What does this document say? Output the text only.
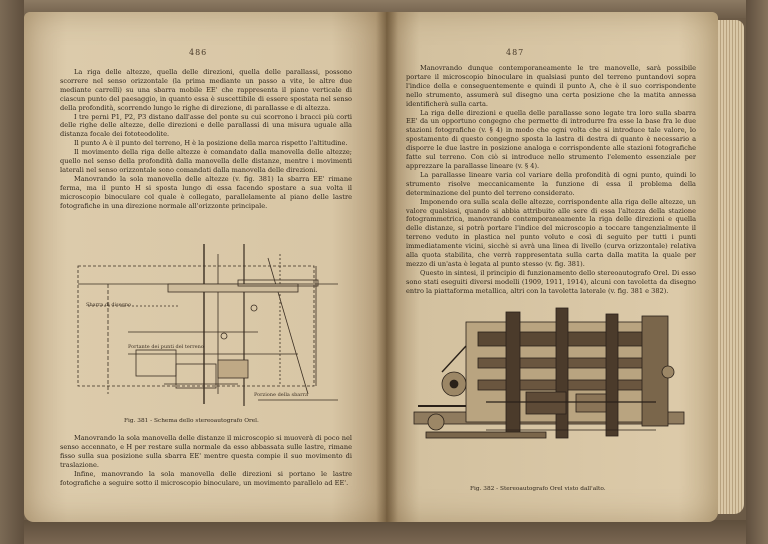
486

La riga delle altezze, quella delle direzioni, quella delle parallassi, possono scorrere nel senso orizzontale (la prima mediante un passo a vite, le altre due mediante carrelli) su una sbarra mobile EE' che rappresenta il piano verticale di ciascun punto del paesaggio, in quanto essa è suscettibile di essere spostata nel senso della profondità, scorrendo lungo le righe di direzione, di parallasse e di altezza.

I tre perni P1, P2, P3 distano dall'asse del ponte su cui scorrono i bracci più corti delle righe delle altezze, delle direzioni e delle parallassi di una misura uguale alla distanza focale dei fototeodolite.

Il punto A è il punto del terreno, H è la posizione della marca rispetto l'altitudine.

Il movimento della riga delle altezze è comandato dalla manovella delle altezze; quello nel senso della profondità dalla manovella delle distanze, mentre i movimenti laterali nel senso orizzontale sono comandati dalla manovella delle direzioni.

Manovrando la sola manovella delle altezze (v. fig. 381) la sbarra EE' rimane ferma, ma il punto H si sposta lungo di essa facendo spostare a sua volta il microscopio binoculare col quale è collegato, parallelamente al piano delle lastre fotografiche in una direzione normale all'orizzonte principale.

Sbarra di disegno
Portante dei punti del terreno
Porzione della sbarra
Fig. 381 - Schema dello stereoautografo Orel.

Manovrando la sola manovella delle distanze il microscopio si muoverà di poco nel senso accennato, e H per restare sulla normale da esso abbassata sulle lastre, rimane fisso sulla sua posizione sulla sbarra EE' mentre questa compie il suo movimento di traslazione.

Infine, manovrando la sola manovella delle direzioni si portano le lastre fotografiche a seguire sotto il microscopio binoculare, un movimento parallelo ad EE'.

487

Manovrando dunque contemporaneamente le tre manovelle, sarà possibile portare il microscopio binoculare in qualsiasi punto del terreno puntandovi sopra l'indice della e conseguentemente e quindi il punto A, che è il suo corrispondente nello strumento, assumerà sul disegno una certa posizione che la matita annessa identificherà sulla carta.

La riga delle direzioni e quella delle parallasse sono legate tra loro sulla sbarra EE' da un opportuno congegno che permette di introdurre fra esse la base fra le due stazioni fotografiche (v. § 4) in modo che ogni volta che si introduce tale valore, lo spostamento di questo congegno sposta la lastra di destra di quanto è necessario a disporre le due lastre in posizione analoga e corrispondente alle stazioni fotografiche fatte sul terreno. Con ciò si introduce nello strumento l'elemento essenziale per apprezzare la parallasse lineare (v. § 4).

La parallasse lineare varia col variare della profondità di ogni punto, quindi lo strumento risolve meccanicamente la funzione di essa il problema della determinazione del punto del terreno considerato.

Imponendo ora sulla scala delle altezze, corrispondente alla riga delle altezze, un valore qualsiasi, quando si abbia attribuito alle sere di essa l'altezza della stazione fotogrammetrica, manovrando contemporaneamente la riga delle direzioni e quella delle distanze, si potrà portare l'indice del microscopio a toccare tangenzialmente il terreno veduto in plastica nel punto voluto e così di seguito per tutti i punti immediatamente vicini, sicchè si avrà una linea di livello (curva orizzontale) relativa alla quota stabilita, che verrà rappresentata sulla carta dalla matita la quale per mezzo di un'asta è legata al punto stesso (v. fig. 381).

Questo in sintesi, il principio di funzionamento dello stereoautografo Orel. Di esso sono stati eseguiti diversi modelli (1909, 1911, 1914), alcuni con tavoletta da disegno entro la piattaforma metallica, altri con la tavoletta laterale (v. fig. 381 e 382).

Fig. 382 - Stereoautografo Orel visto dall'alto.
